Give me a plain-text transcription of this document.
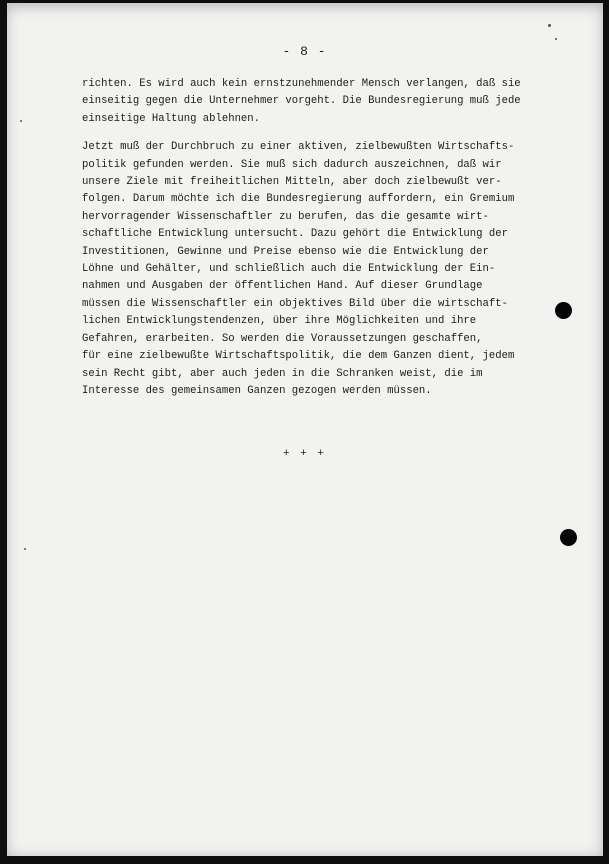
- 8 -
richten. Es wird auch kein ernstzunehmender Mensch verlangen, daß sie
einseitig gegen die Unternehmer vorgeht. Die Bundesregierung muß jede
einseitige Haltung ablehnen.
Jetzt muß der Durchbruch zu einer aktiven, zielbewußten Wirtschafts-
politik gefunden werden. Sie muß sich dadurch auszeichnen, daß wir
unsere Ziele mit freiheitlichen Mitteln, aber doch zielbewußt ver-
folgen. Darum möchte ich die Bundesregierung auffordern, ein Gremium
hervorragender Wissenschaftler zu berufen, das die gesamte wirt-
schaftliche Entwicklung untersucht. Dazu gehört die Entwicklung der
Investitionen, Gewinne und Preise ebenso wie die Entwicklung der
Löhne und Gehälter, und schließlich auch die Entwicklung der Ein-
nahmen und Ausgaben der öffentlichen Hand. Auf dieser Grundlage
müssen die Wissenschaftler ein objektives Bild über die wirtschaft-
lichen Entwicklungstendenzen, über ihre Möglichkeiten und ihre
Gefahren, erarbeiten. So werden die Voraussetzungen geschaffen,
für eine zielbewußte Wirtschaftspolitik, die dem Ganzen dient, jedem
sein Recht gibt, aber auch jeden in die Schranken weist, die im
Interesse des gemeinsamen Ganzen gezogen werden müssen.
+ + +
